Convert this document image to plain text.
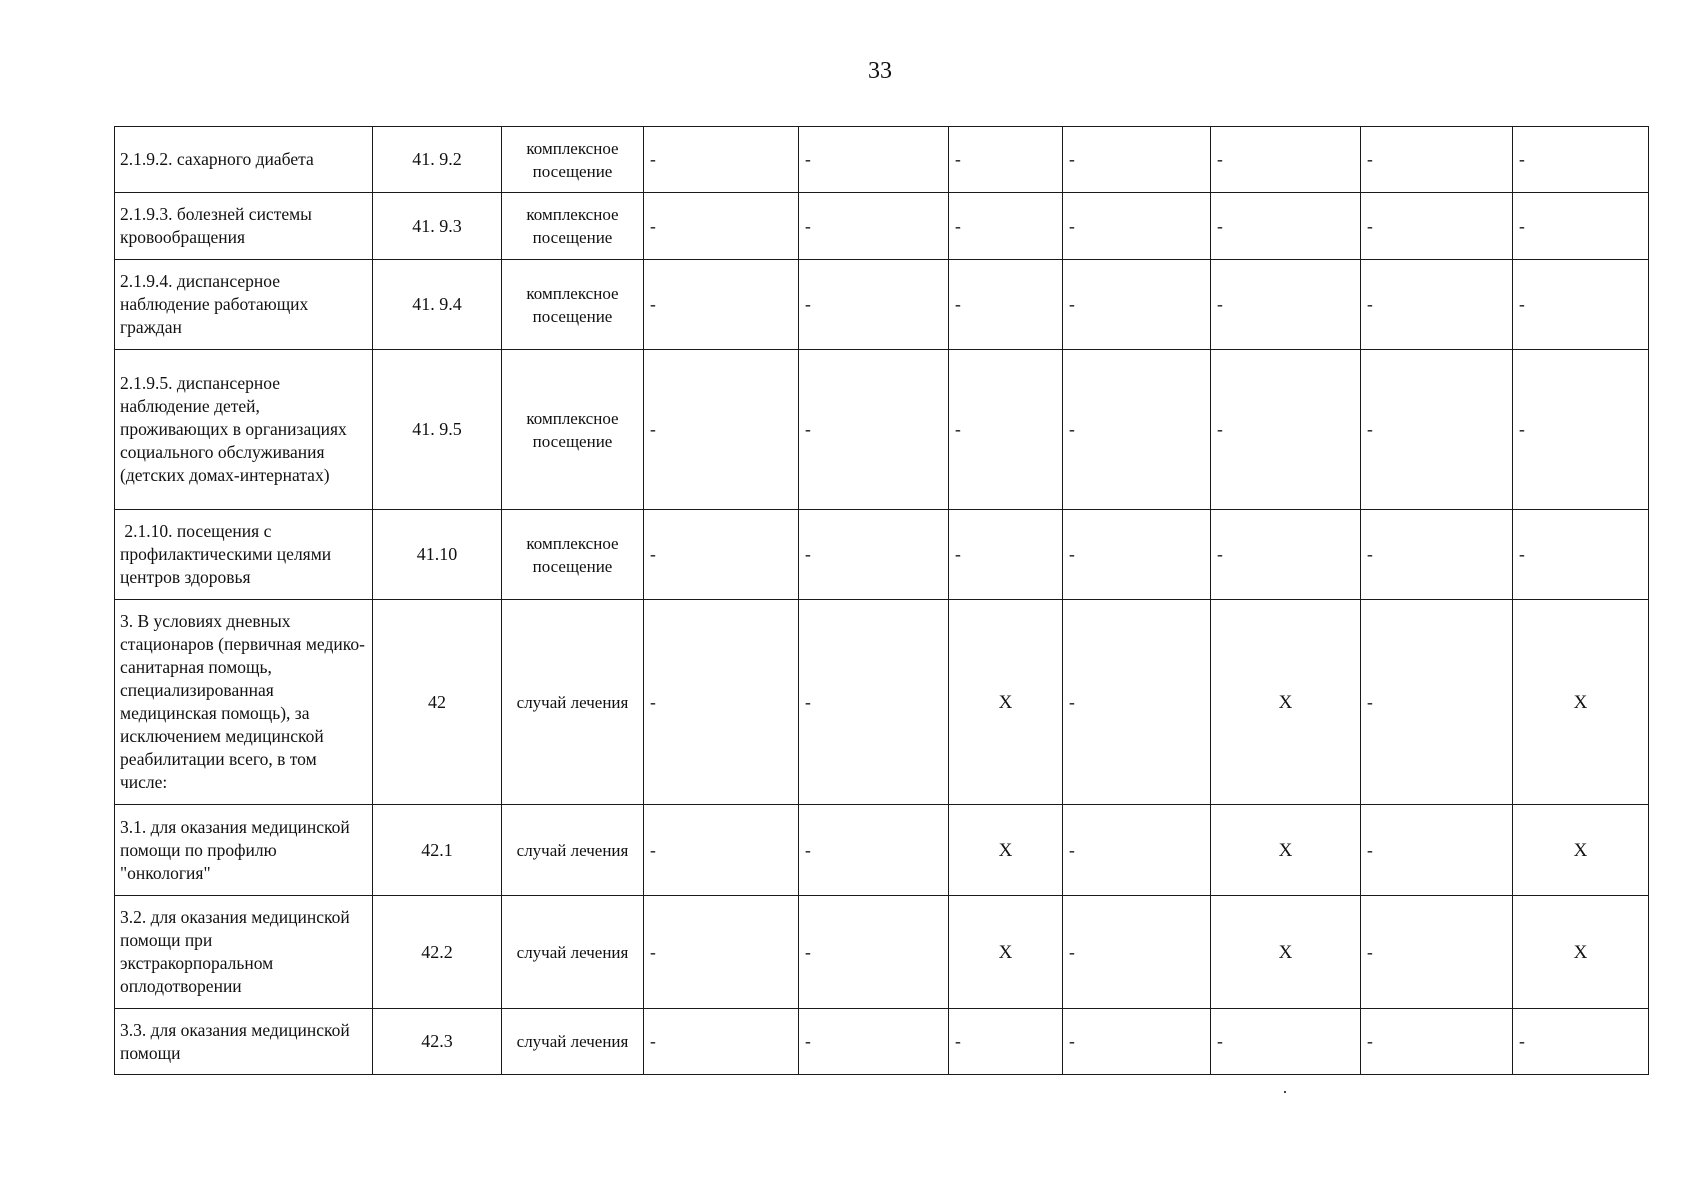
33
2.1.9.2. сахарного диабета	41. 9.2	комплексное посещение	-	-	-	-	-	-	-
2.1.9.3. болезней системы кровообращения	41. 9.3	комплексное посещение	-	-	-	-	-	-	-
2.1.9.4. диспансерное наблюдение работающих граждан	41. 9.4	комплексное посещение	-	-	-	-	-	-	-
2.1.9.5. диспансерное наблюдение детей, проживающих в организациях социального обслуживания (детских домах-интернатах)	41. 9.5	комплексное посещение	-	-	-	-	-	-	-
2.1.10. посещения с профилактическими целями центров здоровья	41.10	комплексное посещение	-	-	-	-	-	-	-
3. В условиях дневных стационаров (первичная медико-санитарная помощь, специализированная медицинская помощь), за исключением медицинской реабилитации всего, в том числе:	42	случай лечения	-	-	X	-	X	-	X
3.1. для оказания медицинской помощи по профилю "онкология"	42.1	случай лечения	-	-	X	-	X	-	X
3.2. для оказания медицинской помощи при экстракорпоральном оплодотворении	42.2	случай лечения	-	-	X	-	X	-	X
3.3. для оказания медицинской помощи	42.3	случай лечения	-	-	-	-	-	-	-
